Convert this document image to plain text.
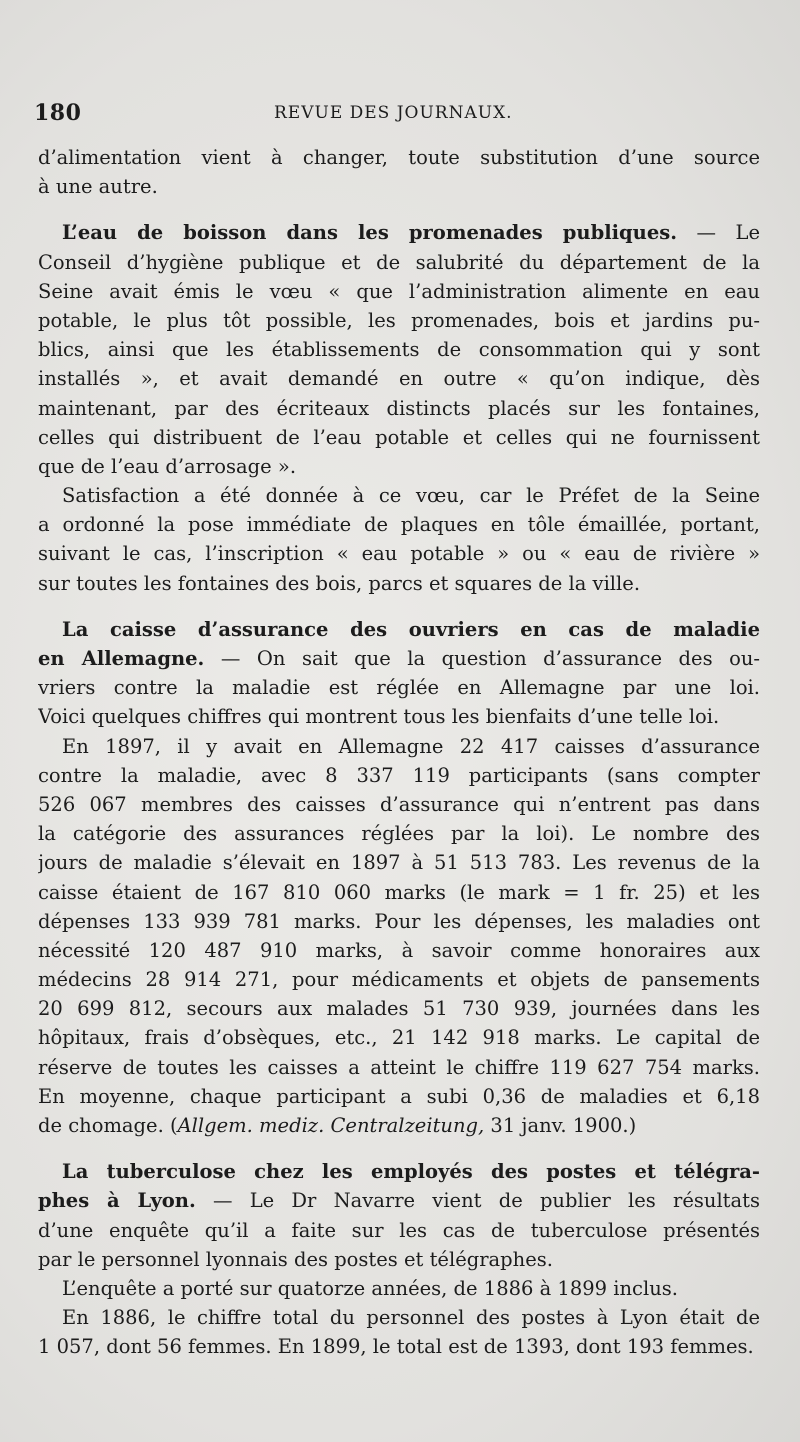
180	REVUE DES JOURNAUX.
d’alimentation vient à changer, toute substitution d’une source
à une autre.
L’eau de boisson dans les promenades publiques. — Le
Conseil d’hygiène publique et de salubrité du département de la
Seine avait émis le vœu « que l’administration alimente en eau
potable, le plus tôt possible, les promenades, bois et jardins pu-
blics, ainsi que les établissements de consommation qui y sont
installés », et avait demandé en outre « qu’on indique, dès
maintenant, par des écriteaux distincts placés sur les fontaines,
celles qui distribuent de l’eau potable et celles qui ne fournissent
que de l’eau d’arrosage ».
Satisfaction a été donnée à ce vœu, car le Préfet de la Seine
a ordonné la pose immédiate de plaques en tôle émaillée, portant,
suivant le cas, l’inscription « eau potable » ou « eau de rivière »
sur toutes les fontaines des bois, parcs et squares de la ville.
La caisse d’assurance des ouvriers en cas de maladie
en Allemagne. — On sait que la question d’assurance des ou-
vriers contre la maladie est réglée en Allemagne par une loi.
Voici quelques chiffres qui montrent tous les bienfaits d’une telle loi.
En 1897, il y avait en Allemagne 22 417 caisses d’assurance
contre la maladie, avec 8 337 119 participants (sans compter
526 067 membres des caisses d’assurance qui n’entrent pas dans
la catégorie des assurances réglées par la loi). Le nombre des
jours de maladie s’élevait en 1897 à 51 513 783. Les revenus de la
caisse étaient de 167 810 060 marks (le mark = 1 fr. 25) et les
dépenses 133 939 781 marks. Pour les dépenses, les maladies ont
nécessité 120 487 910 marks, à savoir comme honoraires aux
médecins 28 914 271, pour médicaments et objets de pansements
20 699 812, secours aux malades 51 730 939, journées dans les
hôpitaux, frais d’obsèques, etc., 21 142 918 marks. Le capital de
réserve de toutes les caisses a atteint le chiffre 119 627 754 marks.
En moyenne, chaque participant a subi 0,36 de maladies et 6,18
de chomage. (Allgem. mediz. Centralzeitung, 31 janv. 1900.)
La tuberculose chez les employés des postes et télégra-
phes à Lyon. — Le Dr Navarre vient de publier les résultats
d’une enquête qu’il a faite sur les cas de tuberculose présentés
par le personnel lyonnais des postes et télégraphes.
L’enquête a porté sur quatorze années, de 1886 à 1899 inclus.
En 1886, le chiffre total du personnel des postes à Lyon était de
1 057, dont 56 femmes. En 1899, le total est de 1393, dont 193 femmes.
